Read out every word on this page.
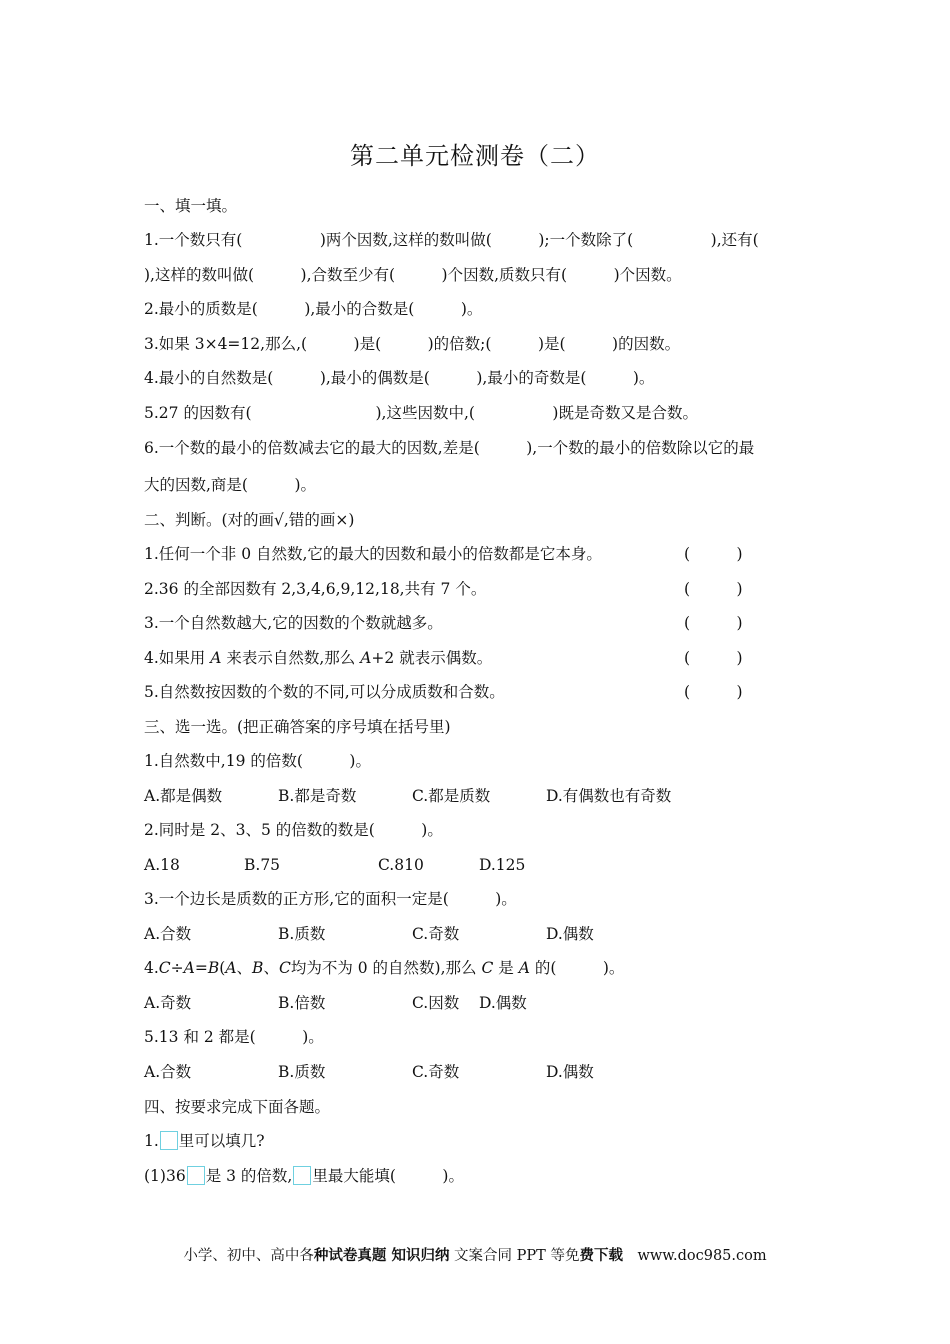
第二单元检测卷（二）
一、填一填。
1.一个数只有(　　　　　)两个因数,这样的数叫做(　　　);一个数除了(　　　　　),还有(
),这样的数叫做(　　　),合数至少有(　　　)个因数,质数只有(　　　)个因数。
2.最小的质数是(　　　),最小的合数是(　　　)。
3.如果 3×4=12,那么,(　　　)是(　　　)的倍数;(　　　)是(　　　)的因数。
4.最小的自然数是(　　　),最小的偶数是(　　　),最小的奇数是(　　　)。
5.27 的因数有(　　　　　　　　),这些因数中,(　　　　　)既是奇数又是合数。
6.一个数的最小的倍数减去它的最大的因数,差是(　　　),一个数的最小的倍数除以它的最
大的因数,商是(　　　)。
二、判断。(对的画√,错的画×)
1.任何一个非 0 自然数,它的最大的因数和最小的倍数都是它本身。	(　　　)
2.36 的全部因数有 2,3,4,6,9,12,18,共有 7 个。	(　　　)
3.一个自然数越大,它的因数的个数就越多。	(　　　)
4.如果用 A 来表示自然数,那么 A+2 就表示偶数。	(　　　)
5.自然数按因数的个数的不同,可以分成质数和合数。	(　　　)
三、选一选。(把正确答案的序号填在括号里)
1.自然数中,19 的倍数(　　　)。
A.都是偶数	B.都是奇数	C.都是质数	D.有偶数也有奇数
2.同时是 2、3、5 的倍数的数是(　　　)。
A.18	B.75	C.810	D.125
3.一个边长是质数的正方形,它的面积一定是(　　　)。
A.合数	B.质数	C.奇数	D.偶数
4.C÷A=B(A、B、C均为不为 0 的自然数),那么 C 是 A 的(　　　)。
A.奇数	B.倍数	C.因数 D.偶数
5.13 和 2 都是(　　　)。
A.合数	B.质数	C.奇数	D.偶数
四、按要求完成下面各题。
1. 里可以填几?
(1)36 是 3 的倍数, 里最大能填(　　　)。
小学、初中、高中各种试卷真题 知识归纳 文案合同 PPT 等免费下载　www.doc985.com
